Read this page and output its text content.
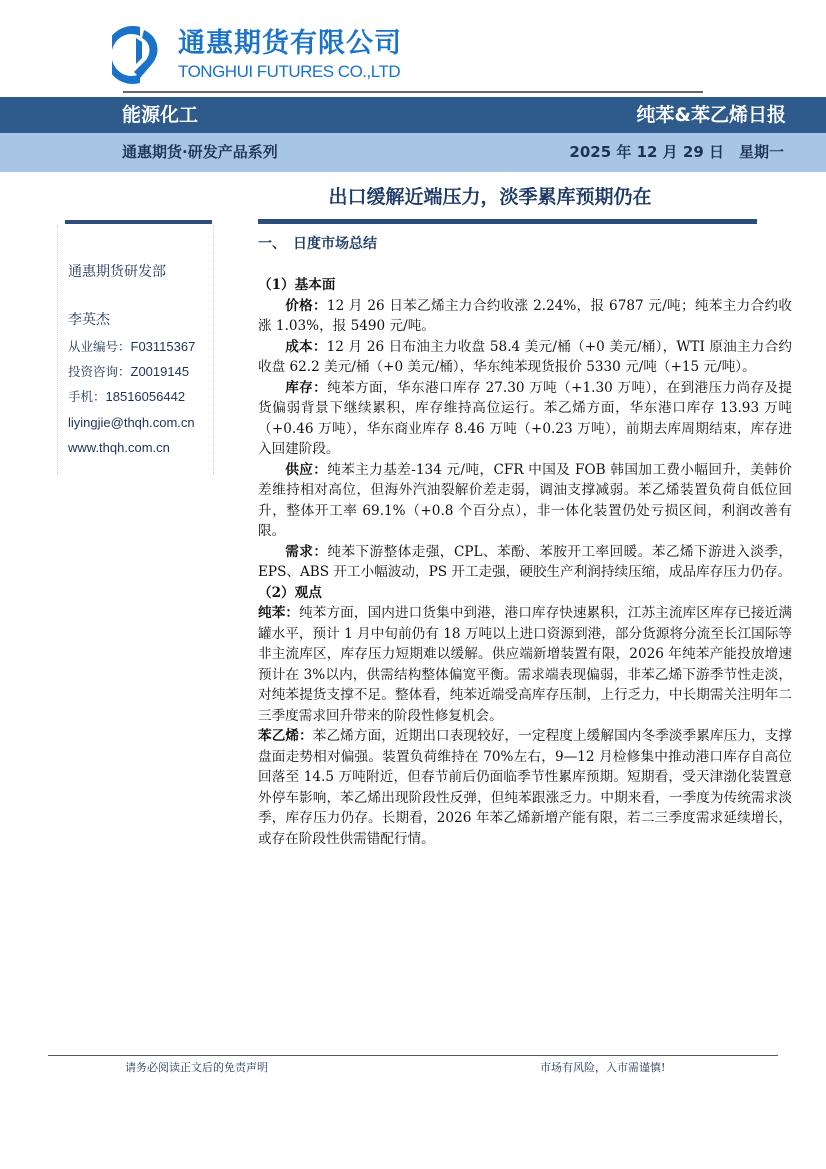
通惠期货有限公司
TONGHUI FUTURES CO.,LTD
能源化工	纯苯&苯乙烯日报
通惠期货·研发产品系列	2025 年 12 月 29 日　星期一
出口缓解近端压力，淡季累库预期仍在
通惠期货研发部
李英杰
从业编号：F03115367
投资咨询：Z0019145
手机：18516056442
liyingjie@thqh.com.cn
www.thqh.com.cn
一、　日度市场总结

（1）基本面

价格：12 月 26 日苯乙烯主力合约收涨 2.24%，报 6787 元/吨；纯苯主力合约收涨 1.03%，报 5490 元/吨。

成本：12 月 26 日布油主力收盘 58.4 美元/桶（+0 美元/桶），WTI 原油主力合约收盘 62.2 美元/桶（+0 美元/桶），华东纯苯现货报价 5330 元/吨（+15 元/吨）。

库存：纯苯方面，华东港口库存 27.30 万吨（+1.30 万吨），在到港压力尚存及提货偏弱背景下继续累积，库存维持高位运行。苯乙烯方面，华东港口库存 13.93 万吨（+0.46 万吨），华东商业库存 8.46 万吨（+0.23 万吨），前期去库周期结束，库存进入回建阶段。

供应：纯苯主力基差-134 元/吨，CFR 中国及 FOB 韩国加工费小幅回升，美韩价差维持相对高位，但海外汽油裂解价差走弱，调油支撑减弱。苯乙烯装置负荷自低位回升，整体开工率 69.1%（+0.8 个百分点），非一体化装置仍处亏损区间，利润改善有限。

需求：纯苯下游整体走强，CPL、苯酚、苯胺开工率回暖。苯乙烯下游进入淡季，EPS、ABS 开工小幅波动，PS 开工走强，硬胶生产利润持续压缩，成品库存压力仍存。

（2）观点

纯苯：纯苯方面，国内进口货集中到港，港口库存快速累积，江苏主流库区库存已接近满罐水平，预计 1 月中旬前仍有 18 万吨以上进口资源到港，部分货源将分流至长江国际等非主流库区，库存压力短期难以缓解。供应端新增装置有限，2026 年纯苯产能投放增速预计在 3%以内，供需结构整体偏宽平衡。需求端表现偏弱，非苯乙烯下游季节性走淡，对纯苯提货支撑不足。整体看，纯苯近端受高库存压制，上行乏力，中长期需关注明年二三季度需求回升带来的阶段性修复机会。

苯乙烯：苯乙烯方面，近期出口表现较好，一定程度上缓解国内冬季淡季累库压力，支撑盘面走势相对偏强。装置负荷维持在 70%左右，9—12 月检修集中推动港口库存自高位回落至 14.5 万吨附近，但春节前后仍面临季节性累库预期。短期看，受天津渤化装置意外停车影响，苯乙烯出现阶段性反弹，但纯苯跟涨乏力。中期来看，一季度为传统需求淡季，库存压力仍存。长期看，2026 年苯乙烯新增产能有限，若二三季度需求延续增长，或存在阶段性供需错配行情。

请务必阅读正文后的免责声明	市场有风险，入市需谨慎!
